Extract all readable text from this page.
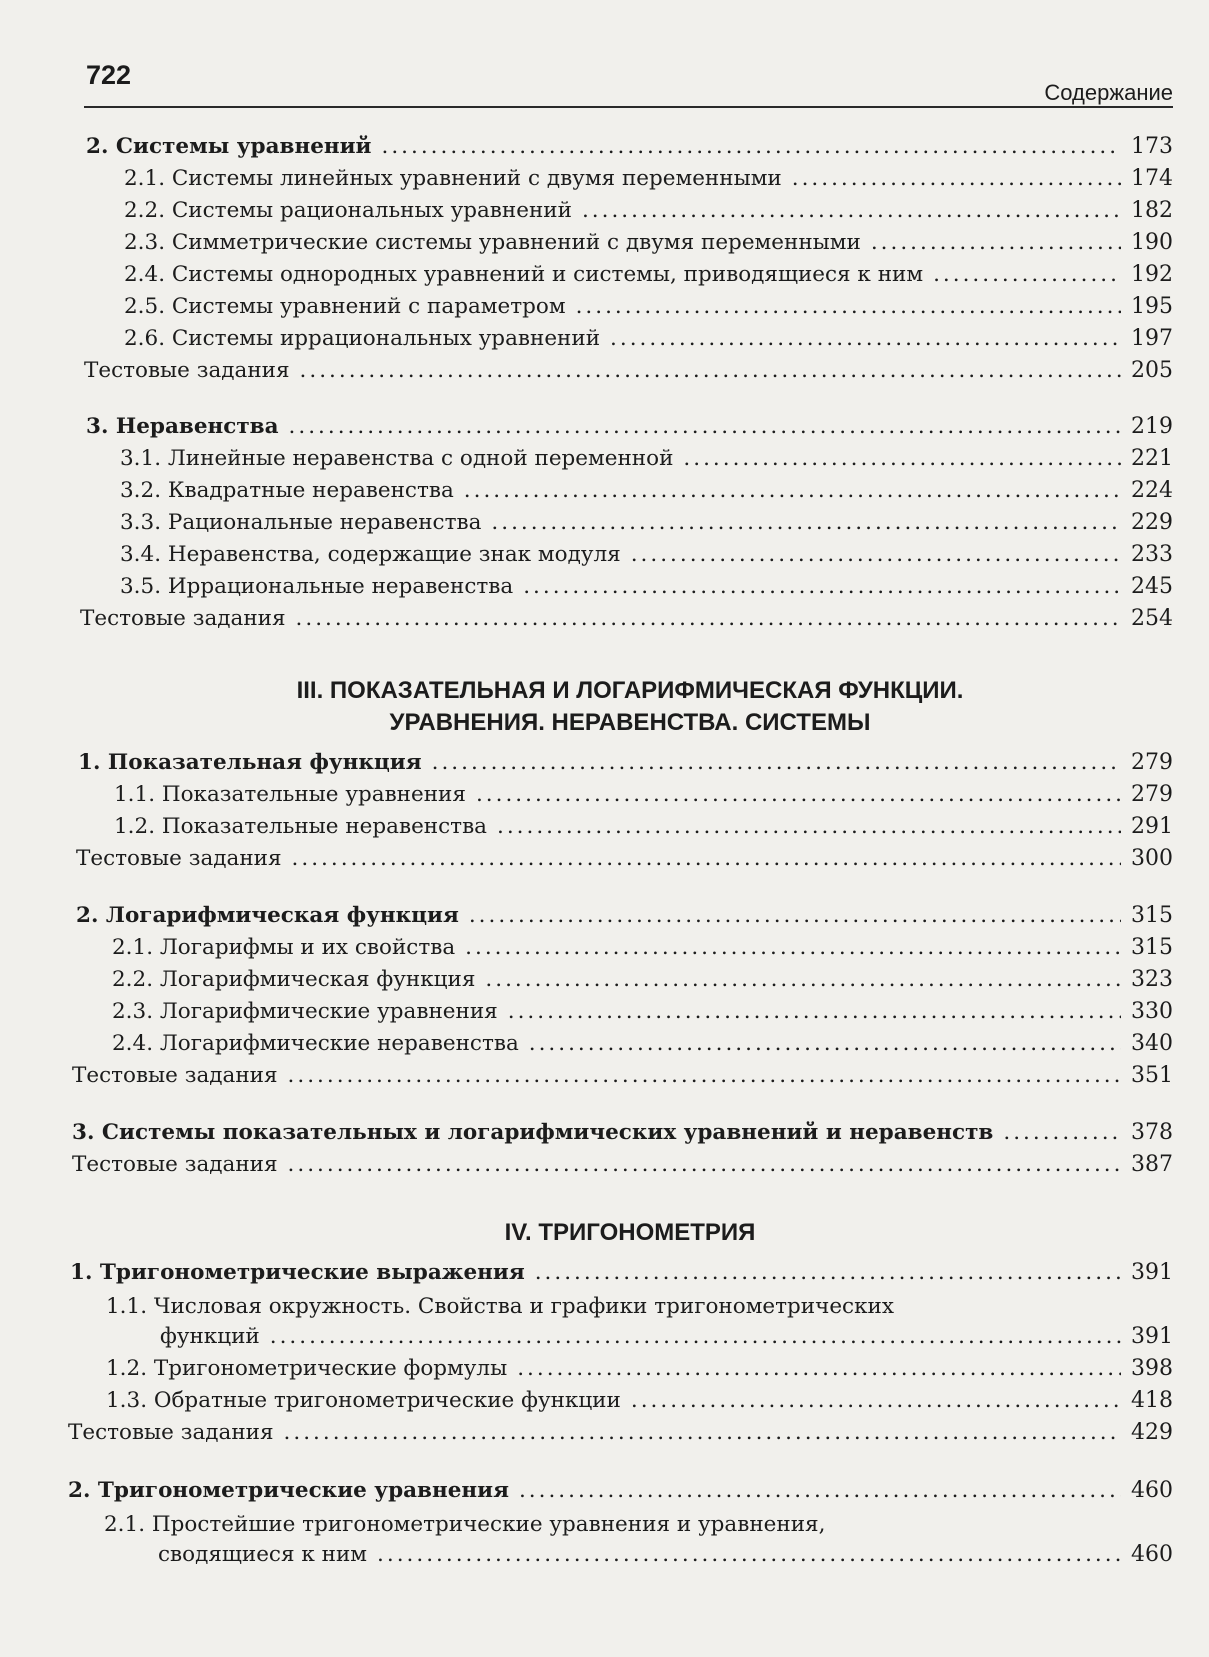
722
Содержание
2. Системы уравнений .....	173
2.1. Системы линейных уравнений с двумя переменными .....	174
2.2. Системы рациональных уравнений .....	182
2.3. Симметрические системы уравнений с двумя переменными .....	190
2.4. Системы однородных уравнений и системы, приводящиеся к ним .....	192
2.5. Системы уравнений с параметром .....	195
2.6. Системы иррациональных уравнений .....	197
Тестовые задания .....	205
3. Неравенства .....	219
3.1. Линейные неравенства с одной переменной .....	221
3.2. Квадратные неравенства .....	224
3.3. Рациональные неравенства .....	229
3.4. Неравенства, содержащие знак модуля .....	233
3.5. Иррациональные неравенства .....	245
Тестовые задания .....	254
III. ПОКАЗАТЕЛЬНАЯ И ЛОГАРИФМИЧЕСКАЯ ФУНКЦИИ.
УРАВНЕНИЯ. НЕРАВЕНСТВА. СИСТЕМЫ
1. Показательная функция .....	279
1.1. Показательные уравнения .....	279
1.2. Показательные неравенства .....	291
Тестовые задания .....	300
2. Логарифмическая функция .....	315
2.1. Логарифмы и их свойства .....	315
2.2. Логарифмическая функция .....	323
2.3. Логарифмические уравнения .....	330
2.4. Логарифмические неравенства .....	340
Тестовые задания .....	351
3. Системы показательных и логарифмических уравнений и неравенств .....	378
Тестовые задания .....	387
IV. ТРИГОНОМЕТРИЯ
1. Тригонометрические выражения .....	391
1.1. Числовая окружность. Свойства и графики тригонометрических
функций .....	391
1.2. Тригонометрические формулы .....	398
1.3. Обратные тригонометрические функции .....	418
Тестовые задания .....	429
2. Тригонометрические уравнения .....	460
2.1. Простейшие тригонометрические уравнения и уравнения,
сводящиеся к ним .....	460
